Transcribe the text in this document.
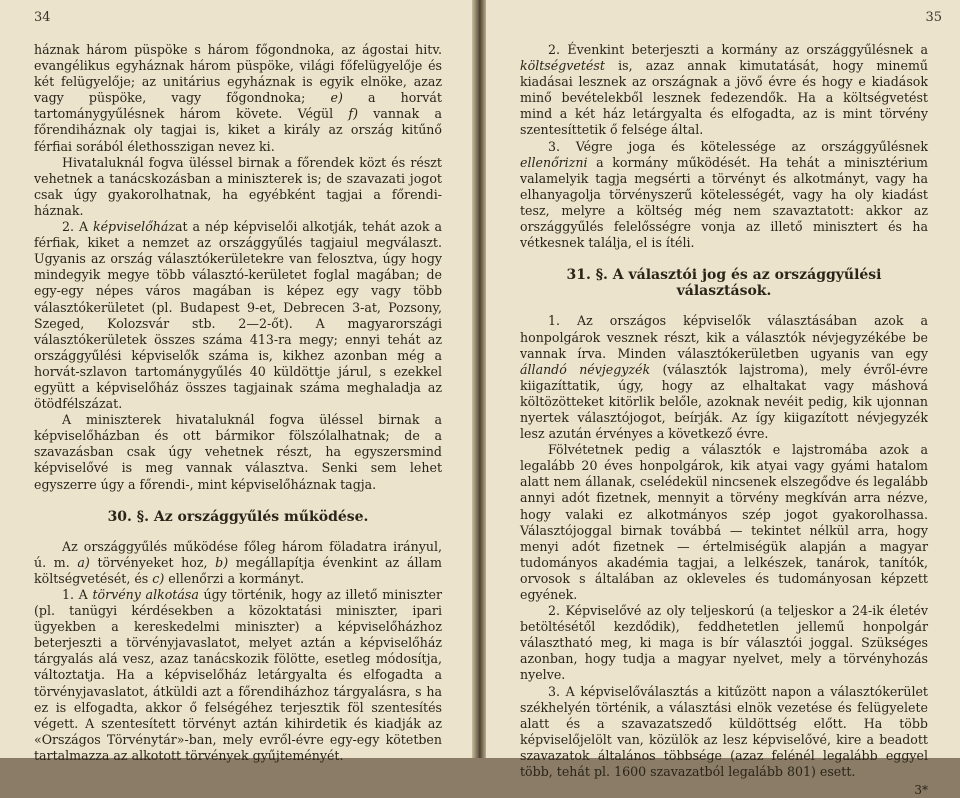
34

háznak három püspöke s három főgondnoka, az ágostai hitv. evangélikus egyháznak három püspöke, világi főfelügyelője és két felügyelője; az unitárius egyháznak is egyik elnöke, azaz vagy püspöke, vagy főgondnoka; e) a horvát tartománygyűlésnek három követe. Végül f) vannak a főrendiháznak oly tagjai is, kiket a király az ország kitűnő férfiai sorából élethosszigan nevez ki.

Hivataluknál fogva üléssel birnak a főrendek közt és részt vehetnek a tanácskozásban a miniszterek is; de szavazati jogot csak úgy gyakorolhatnak, ha egyébként tagjai a főrendi-háznak.

2. A képviselőházat a nép képviselői alkotják, tehát azok a férfiak, kiket a nemzet az országgyűlés tagjaiul megválaszt. Ugyanis az ország választókerületekre van felosztva, úgy hogy mindegyik megye több választó-kerületet foglal magában; de egy-egy népes város magában is képez egy vagy több választókerületet (pl. Budapest 9-et, Debrecen 3-at, Pozsony, Szeged, Kolozsvár stb. 2—2-őt). A magyarországi választókerületek összes száma 413-ra megy; ennyi tehát az országgyűlési képviselők száma is, kikhez azonban még a horvát-szlavon tartománygyűlés 40 küldöttje járul, s ezekkel együtt a képviselőház összes tagjainak száma meghaladja az ötödfélszázat.

A miniszterek hivataluknál fogva üléssel birnak a képviselőházban és ott bármikor fölszólalhatnak; de a szavazásban csak úgy vehetnek részt, ha egyszersmind képviselővé is meg vannak választva. Senki sem lehet egyszerre úgy a főrendi-, mint képviselőháznak tagja.

30. §. Az országgyűlés működése.

Az országgyűlés működése főleg három föladatra irányul, ú. m. a) törvényeket hoz, b) megállapítja évenkint az állam költségvetését, és c) ellenőrzi a kormányt.

1. A törvény alkotása úgy történik, hogy az illető miniszter (pl. tanügyi kérdésekben a közoktatási miniszter, ipari ügyekben a kereskedelmi miniszter) a képviselőházhoz beterjeszti a törvényjavaslatot, melyet aztán a képviselőház tárgyalás alá vesz, azaz tanácskozik fölötte, esetleg módosítja, változtatja. Ha a képviselőház letárgyalta és elfogadta a törvényjavaslatot, átküldi azt a főrendiházhoz tárgyalásra, s ha ez is elfogadta, akkor ő felségéhez terjesztik föl szentesítés végett. A szentesített törvényt aztán kihirdetik és kiadják az «Országos Törvénytár»-ban, mely evről-évre egy-egy kötetben tartalmazza az alkotott törvények gyűjteményét.

35

2. Évenkint beterjeszti a kormány az országgyűlésnek a költségvetést is, azaz annak kimutatását, hogy minemű kiadásai lesznek az országnak a jövő évre és hogy e kiadások minő bevételekből lesznek fedezendők. Ha a költségvetést mind a két ház letárgyalta és elfogadta, az is mint törvény szentesíttetik ő felsége által.

3. Végre joga és kötelessége az országgyűlésnek ellenőrizni a kormány működését. Ha tehát a minisztérium valamelyik tagja megsérti a törvényt és alkotmányt, vagy ha elhanyagolja törvényszerű kötelességét, vagy ha oly kiadást tesz, melyre a költség még nem szavaztatott: akkor az országgyűlés felelősségre vonja az illető minisztert és ha vétkesnek találja, el is ítéli.

31. §. A választói jog és az országgyűlési választások.

1. Az országos képviselők választásában azok a honpolgárok vesznek részt, kik a választók névjegyzékébe be vannak írva. Minden választókerületben ugyanis van egy állandó névjegyzék (választók lajstroma), mely évről-évre kiigazíttatik, úgy, hogy az elhaltakat vagy máshová költözötteket kitörlik belőle, azoknak nevéit pedig, kik ujonnan nyertek választójogot, beírják. Az így kiigazított névjegyzék lesz azután érvényes a következő évre.

Fölvétetnek pedig a választók e lajstromába azok a legalább 20 éves honpolgárok, kik atyai vagy gyámi hatalom alatt nem állanak, cselédekül nincsenek elszegődve és legalább annyi adót fizetnek, mennyit a törvény megkíván arra nézve, hogy valaki ez alkotmányos szép jogot gyakorolhassa. Választójoggal birnak továbbá — tekintet nélkül arra, hogy menyi adót fizetnek — értelmiségük alapján a magyar tudományos akadémia tagjai, a lelkészek, tanárok, tanítók, orvosok s általában az okleveles és tudományosan képzett egyének.

2. Képviselővé az oly teljeskorú (a teljeskor a 24-ik életév betöltésétől kezdődik), feddhetetlen jellemű honpolgár választható meg, ki maga is bír választói joggal. Szükséges azonban, hogy tudja a magyar nyelvet, mely a törvényhozás nyelve.

3. A képviselőválasztás a kitűzött napon a választókerület székhelyén történik, a választási elnök vezetése és felügyelete alatt és a szavazatszedő küldöttség előtt. Ha több képviselőjelölt van, közülök az lesz képviselővé, kire a beadott szavazatok általános többsége (azaz felénél legalább eggyel több, tehát pl. 1600 szavazatból legalább 801) esett.

3*
